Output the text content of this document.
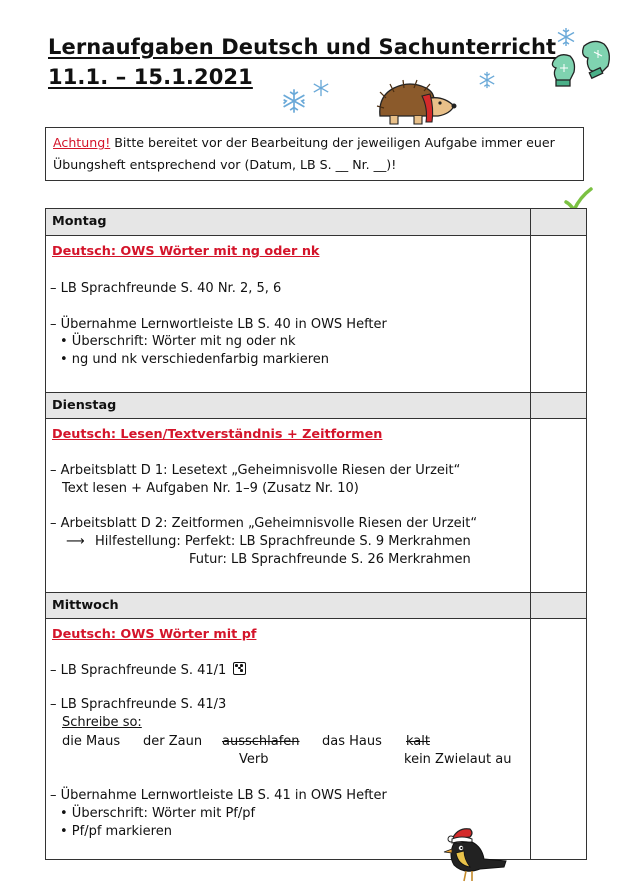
Lernaufgaben Deutsch und Sachunterricht
11.1. – 15.1.2021
Achtung! Bitte bereitet vor der Bearbeitung der jeweiligen Aufgabe immer euer
Übungsheft entsprechend vor (Datum, LB S. __ Nr. __)!
Montag
Deutsch: OWS Wörter mit ng oder nk
– LB Sprachfreunde S. 40 Nr. 2, 5, 6
– Übernahme Lernwortleiste LB S. 40 in OWS Hefter
• Überschrift: Wörter mit ng oder nk
• ng und nk verschiedenfarbig markieren
Dienstag
Deutsch: Lesen/Textverständnis + Zeitformen
– Arbeitsblatt D 1: Lesetext „Geheimnisvolle Riesen der Urzeit“
Text lesen + Aufgaben Nr. 1–9 (Zusatz Nr. 10)
– Arbeitsblatt D 2: Zeitformen „Geheimnisvolle Riesen der Urzeit“
⟶ Hilfestellung: Perfekt: LB Sprachfreunde S. 9 Merkrahmen
Futur: LB Sprachfreunde S. 26 Merkrahmen
Mittwoch
Deutsch: OWS Wörter mit pf
– LB Sprachfreunde S. 41/1
– LB Sprachfreunde S. 41/3
Schreibe so:
die Maus der Zaun ausschlafen das Haus kalt
Verb	kein Zwielaut au
– Übernahme Lernwortleiste LB S. 41 in OWS Hefter
• Überschrift: Wörter mit Pf/pf
• Pf/pf markieren
